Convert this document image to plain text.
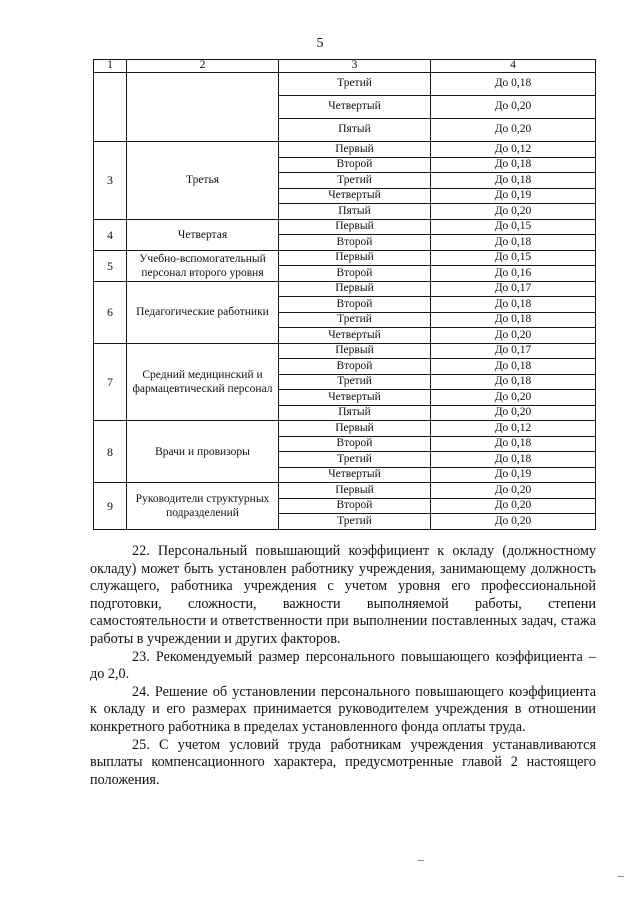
5
1	2	3	4
		Третий	До 0,18
		Четвертый	До 0,20
		Пятый	До 0,20
3	Третья	Первый	До 0,12
		Второй	До 0,18
		Третий	До 0,18
		Четвертый	До 0,19
		Пятый	До 0,20
4	Четвертая	Первый	До 0,15
		Второй	До 0,18
5	Учебно-вспомогательный персонал второго уровня	Первый	До 0,15
		Второй	До 0,16
6	Педагогические работники	Первый	До 0,17
		Второй	До 0,18
		Третий	До 0,18
		Четвертый	До 0,20
7	Средний медицинский и фармацевтический персонал	Первый	До 0,17
		Второй	До 0,18
		Третий	До 0,18
		Четвертый	До 0,20
		Пятый	До 0,20
8	Врачи и провизоры	Первый	До 0,12
		Второй	До 0,18
		Третий	До 0,18
		Четвертый	До 0,19
9	Руководители структурных подразделений	Первый	До 0,20
		Второй	До 0,20
		Третий	До 0,20

22. Персональный повышающий коэффициент к окладу (должностному окладу) может быть установлен работнику учреждения, занимающему должность служащего, работника учреждения с учетом уровня его профессиональной подготовки, сложности, важности выполняемой работы, степени самостоятельности и ответственности при выполнении поставленных задач, стажа работы в учреждении и других факторов.

23. Рекомендуемый размер персонального повышающего коэффициента – до 2,0.

24. Решение об установлении персонального повышающего коэффициента к окладу и его размерах принимается руководителем учреждения в отношении конкретного работника в пределах установленного фонда оплаты труда.

25. С учетом условий труда работникам учреждения устанавливаются выплаты компенсационного характера, предусмотренные главой 2 настоящего положения.
